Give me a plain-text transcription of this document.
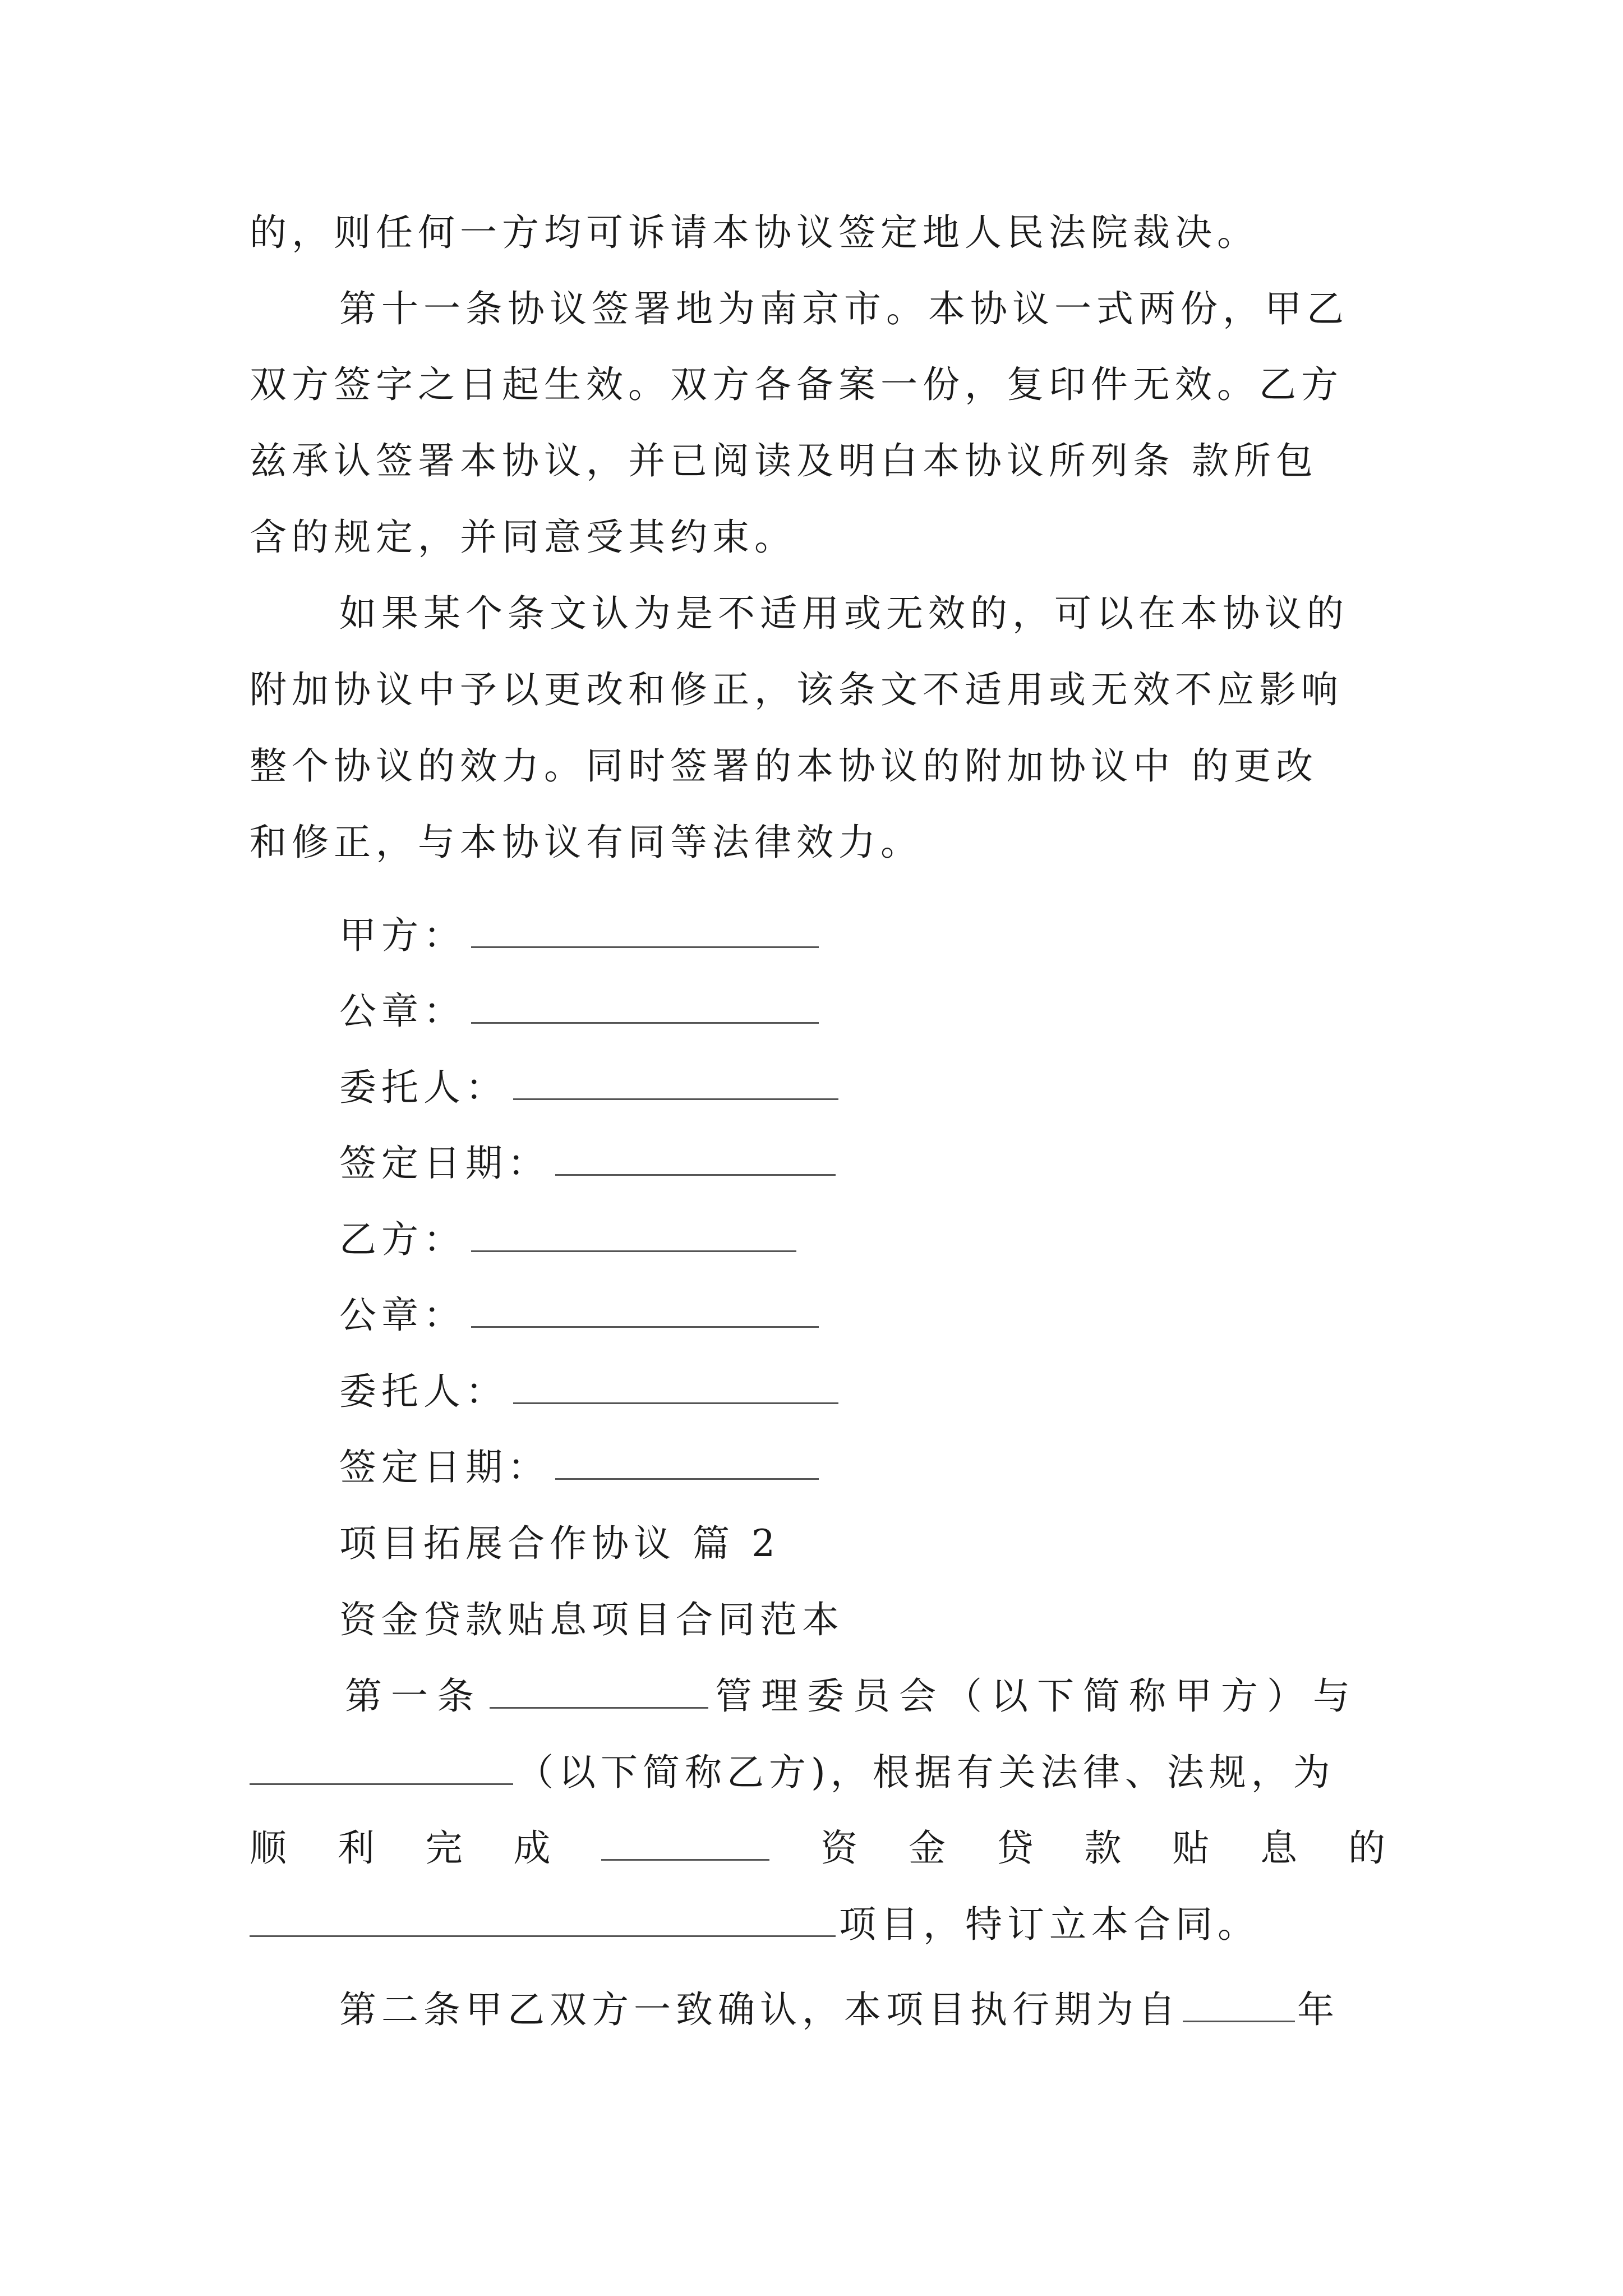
的，则任何一方均可诉请本协议签定地人民法院裁决。
第十一条协议签署地为南京市。本协议一式两份，甲乙
双方签字之日起生效。双方各备案一份，复印件无效。乙方
兹承认签署本协议，并已阅读及明白本协议所列条 款所包
含的规定，并同意受其约束。
如果某个条文认为是不适用或无效的，可以在本协议的
附加协议中予以更改和修正，该条文不适用或无效不应影响
整个协议的效力。同时签署的本协议的附加协议中 的更改
和修正，与本协议有同等法律效力。
甲方：
公章：
委托人：
签定日期：
乙方：
公章：
委托人：
签定日期：
项目拓展合作协议 篇 2
资金贷款贴息项目合同范本
第一条	管理委员会（以下简称甲方）与
（以下简称乙方)，根据有关法律、法规，为
顺 利 完 成	资 金 贷 款 贴 息 的
项目，特订立本合同。
第二条甲乙双方一致确认，本项目执行期为自	年
